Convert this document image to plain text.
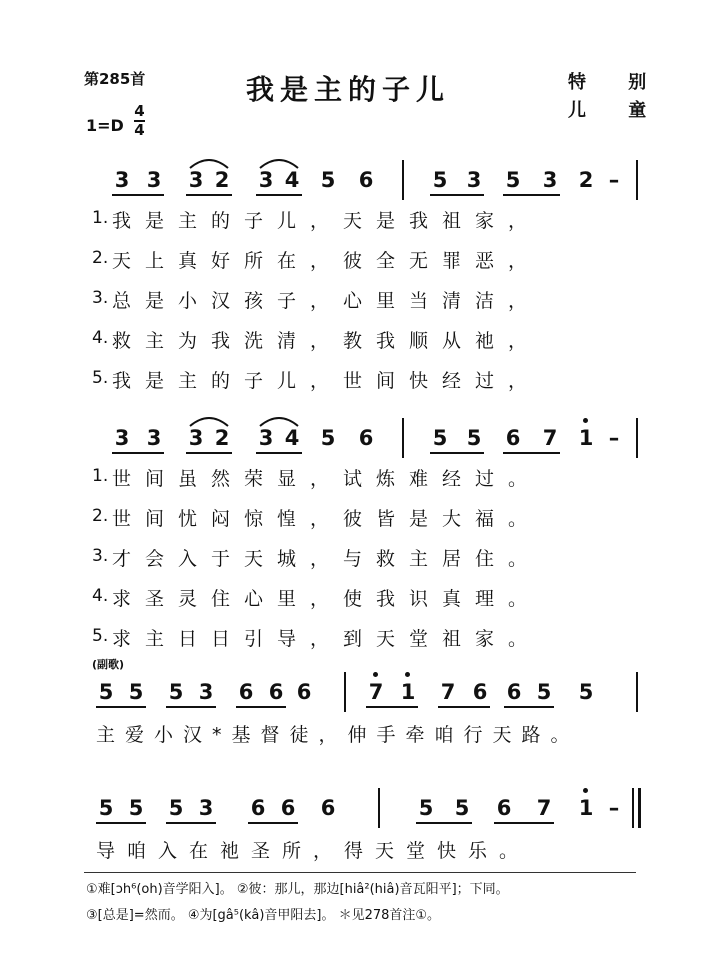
第285首	我是主的子儿	特 别
儿 童
1=D
4
4
3 3 3 2 3 4 5 6	5 3 5 3 2 –
1. 我是主的子儿，天是我祖家，
2. 天上真好所在，彼全无罪恶，
3. 总是小汉孩子，心里当清洁，
4. 救主为我洗清，教我顺从祂，
5. 我是主的子儿，世间快经过，
3 3 3 2 3 4 5 6	5 5 6 7 1 –
1. 世间虽然荣显，试炼难经过。
2. 世间忧闷惊惶，彼皆是大福。
3. 才会入于天城，与救主居住。
4. 求圣灵住心里，使我识真理。
5. 求主日日引导，到天堂祖家。
(副歌)
5 5 5 3 6 6 6	7 1 7 6 6 5 5
主爱小汉*基督徒，伸手牵咱行天路。
5 5 5 3 6 6 6	5 5 6 7 1 –
导咱入在祂圣所，得天堂快乐。
①难[ɔh⁶(oh)音学阳入]。 ②彼：那儿，那边[hiâ²(hiâ)音瓦阳平]；下同。
③[总是]=然而。 ④为[gâ⁵(kâ)音甲阳去]。 ＊见278首注①。
